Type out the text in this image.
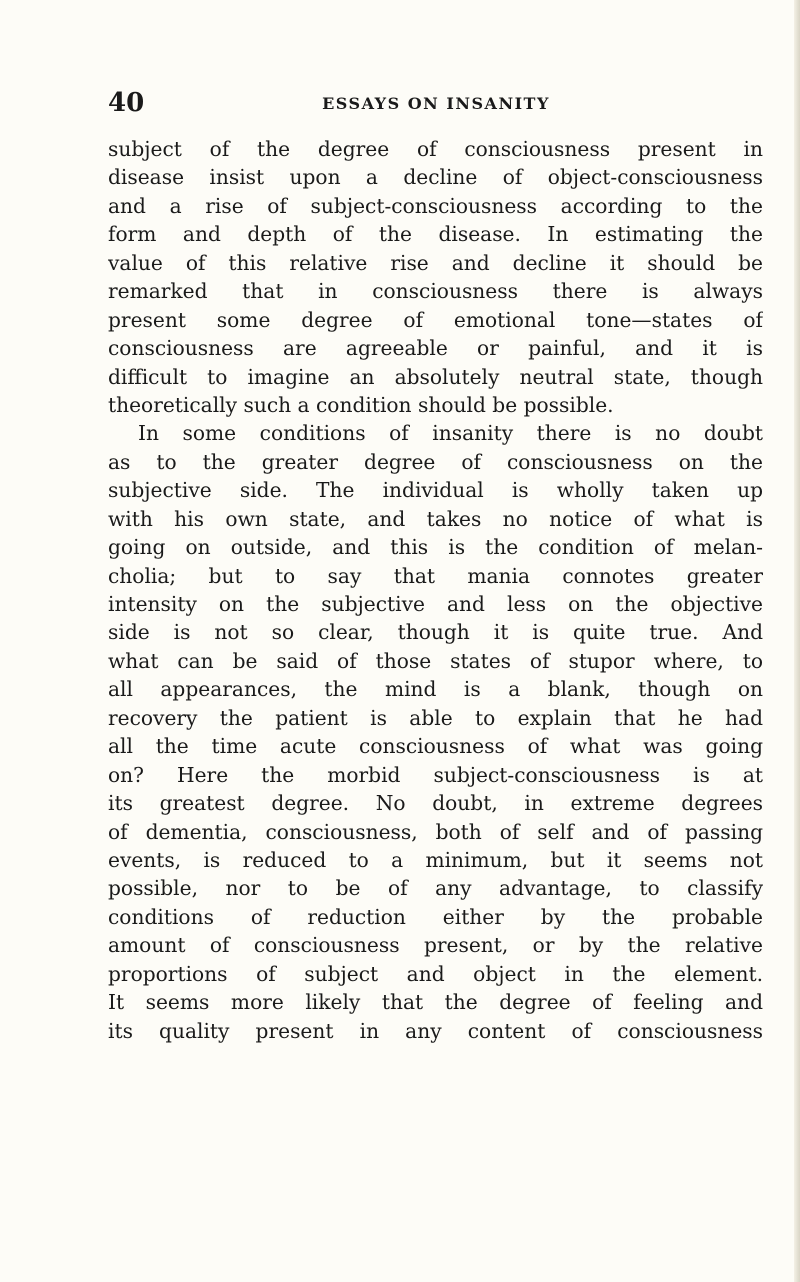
40	ESSAYS ON INSANITY
subject of the degree of consciousness present in
disease insist upon a decline of object-consciousness
and a rise of subject-consciousness according to the
form and depth of the disease. In estimating the
value of this relative rise and decline it should be
remarked that in consciousness there is always
present some degree of emotional tone—states of
consciousness are agreeable or painful, and it is
difficult to imagine an absolutely neutral state, though
theoretically such a condition should be possible.
In some conditions of insanity there is no doubt
as to the greater degree of consciousness on the
subjective side. The individual is wholly taken up
with his own state, and takes no notice of what is
going on outside, and this is the condition of melan-
cholia; but to say that mania connotes greater
intensity on the subjective and less on the objective
side is not so clear, though it is quite true. And
what can be said of those states of stupor where, to
all appearances, the mind is a blank, though on
recovery the patient is able to explain that he had
all the time acute consciousness of what was going
on? Here the morbid subject-consciousness is at
its greatest degree. No doubt, in extreme degrees
of dementia, consciousness, both of self and of passing
events, is reduced to a minimum, but it seems not
possible, nor to be of any advantage, to classify
conditions of reduction either by the probable
amount of consciousness present, or by the relative
proportions of subject and object in the element.
It seems more likely that the degree of feeling and
its quality present in any content of consciousness
